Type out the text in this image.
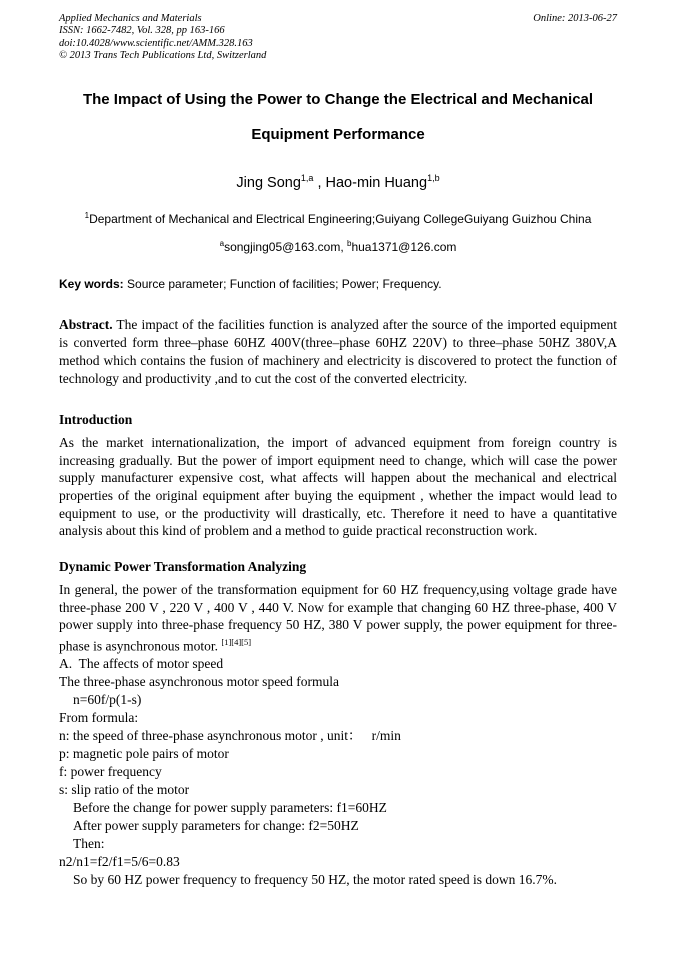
Applied Mechanics and Materials
ISSN: 1662-7482, Vol. 328, pp 163-166
doi:10.4028/www.scientific.net/AMM.328.163
© 2013 Trans Tech Publications Ltd, Switzerland
Online: 2013-06-27
The Impact of Using the Power to Change the Electrical and Mechanical
Equipment Performance
Jing Song$^{1,a}$ , Hao-min Huang$^{1,b}$
$^1$Department of Mechanical and Electrical Engineering;Guiyang CollegeGuiyang Guizhou China
$^a$songjing05@163.com, $^b$hua1371@126.com
Key words: Source parameter; Function of facilities; Power; Frequency.

Abstract. The impact of the facilities function is analyzed after the source of the imported equipment is converted form three–phase 60HZ 400V(three–phase 60HZ 220V) to three–phase 50HZ 380V,A method which contains the fusion of machinery and electricity is discovered to protect the function of technology and productivity ,and to cut the cost of the converted electricity.

Introduction

As the market internationalization, the import of advanced equipment from foreign country is increasing gradually. But the power of import equipment need to change, which will case the power supply manufacturer expensive cost, what affects will happen about the mechanical and electrical properties of the original equipment after buying the equipment , whether the impact would lead to equipment to use, or the productivity will drastically, etc. Therefore it need to have a quantitative analysis about this kind of problem and a method to guide practical reconstruction work.

Dynamic Power Transformation Analyzing

In general, the power of the transformation equipment for 60 HZ frequency,using voltage grade have three-phase 200 V , 220 V , 400 V , 440 V. Now for example that changing 60 HZ three-phase, 400 V power supply into three-phase frequency 50 HZ, 380 V power supply, the power equipment for three-phase is asynchronous motor. [1][4][5]

A.  The affects of motor speed
The three-phase asynchronous motor speed formula
n=60f/p(1-s)
From formula:
n: the speed of three-phase asynchronous motor , unit：   r/min
p: magnetic pole pairs of motor
f: power frequency
s: slip ratio of the motor
Before the change for power supply parameters: f1=60HZ
After power supply parameters for change: f2=50HZ
Then:
n2/n1=f2/f1=5/6=0.83
So by 60 HZ power frequency to frequency 50 HZ, the motor rated speed is down 16.7%.
